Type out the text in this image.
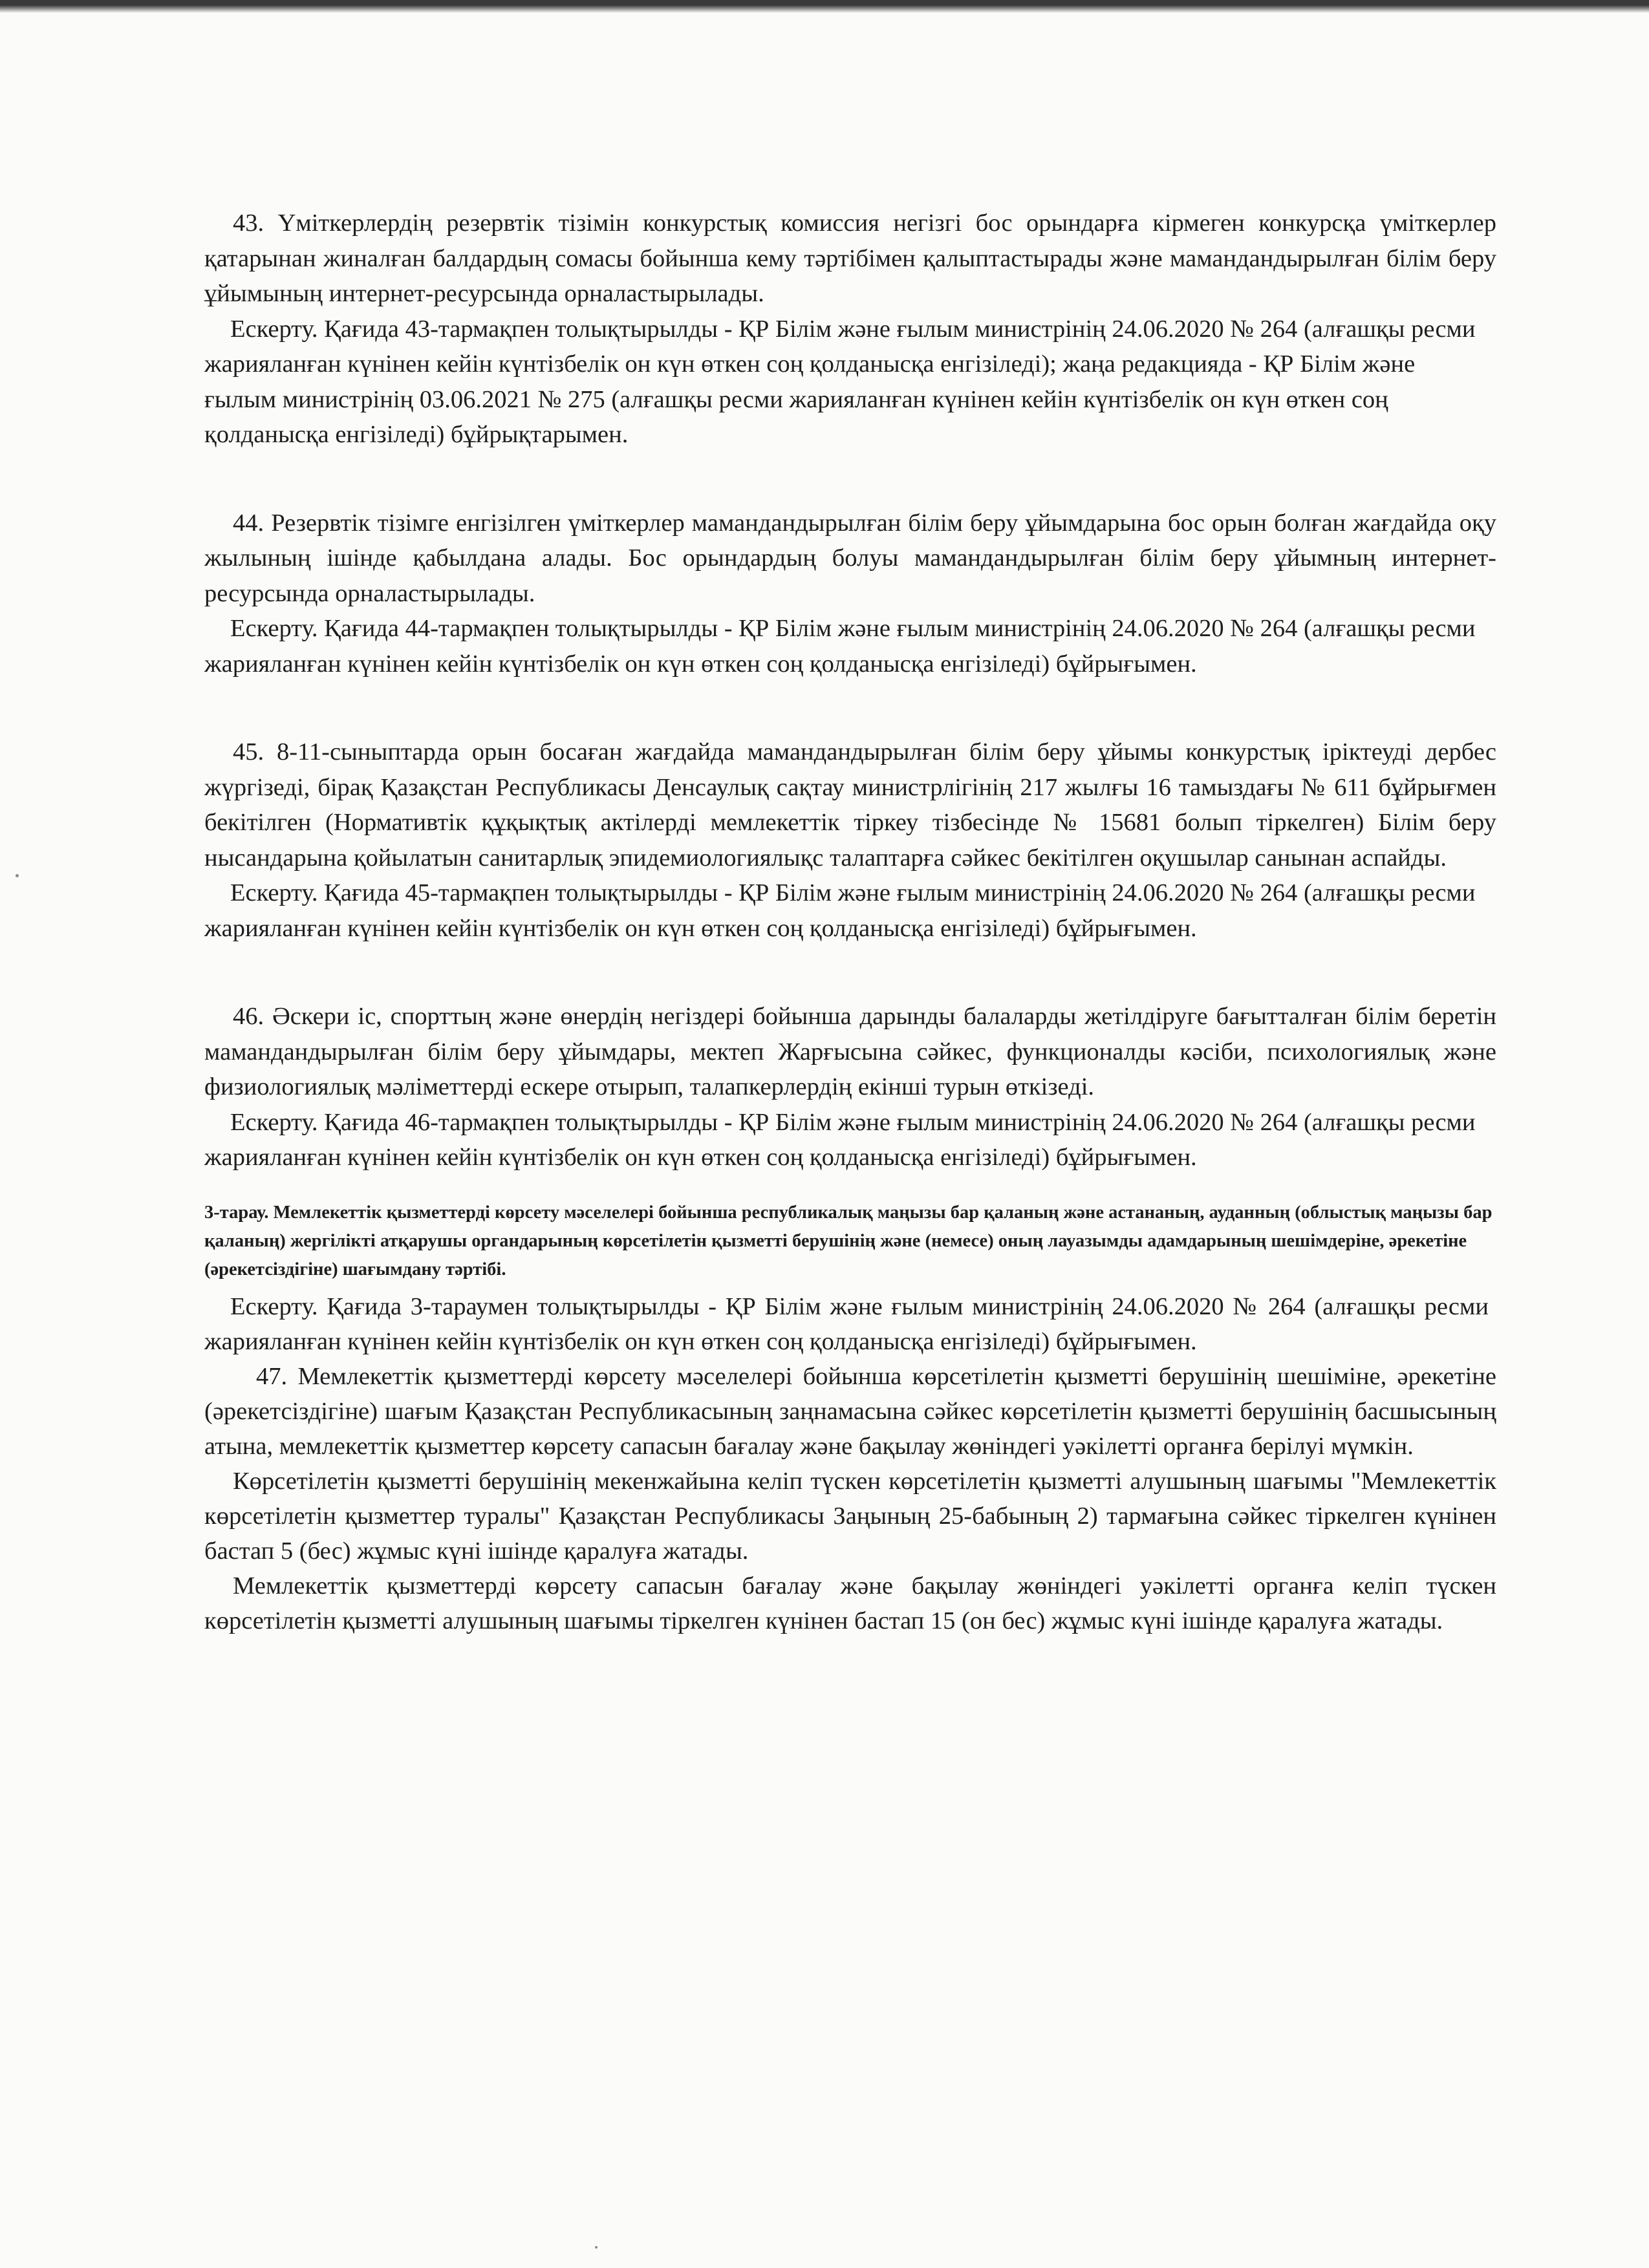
43. Үміткерлердің резервтік тізімін конкурстық комиссия негізгі бос орындарға кірмеген конкурсқа үміткерлер қатарынан жиналған балдардың сомасы бойынша кему тәртібімен қалыптастырады және мамандандырылған білім беру ұйымының интернет-ресурсында орналастырылады.

Ескерту. Қағида 43-тармақпен толықтырылды - ҚР Білім және ғылым министрінің 24.06.2020 № 264 (алғашқы ресми жарияланған күнінен кейін күнтізбелік он күн өткен соң қолданысқа енгізіледі); жаңа редакцияда - ҚР Білім және ғылым министрінің 03.06.2021 № 275 (алғашқы ресми жарияланған күнінен кейін күнтізбелік он күн өткен соң қолданысқа енгізіледі) бұйрықтарымен.

44. Резервтік тізімге енгізілген үміткерлер мамандандырылған білім беру ұйымдарына бос орын болған жағдайда оқу жылының ішінде қабылдана алады. Бос орындардың болуы мамандандырылған білім беру ұйымның интернет-ресурсында орналастырылады.

Ескерту. Қағида 44-тармақпен толықтырылды - ҚР Білім және ғылым министрінің 24.06.2020 № 264 (алғашқы ресми жарияланған күнінен кейін күнтізбелік он күн өткен соң қолданысқа енгізіледі) бұйрығымен.

45. 8-11-сыныптарда орын босаған жағдайда мамандандырылған білім беру ұйымы конкурстық іріктеуді дербес жүргізеді, бірақ Қазақстан Республикасы Денсаулық сақтау министрлігінің 217 жылғы 16 тамыздағы № 611 бұйрығмен бекітілген (Нормативтік құқықтық актілерді мемлекеттік тіркеу тізбесінде № 15681 болып тіркелген) Білім беру нысандарына қойылатын санитарлық эпидемиологиялықс талаптарға сәйкес бекітілген оқушылар санынан аспайды.

Ескерту. Қағида 45-тармақпен толықтырылды - ҚР Білім және ғылым министрінің 24.06.2020 № 264 (алғашқы ресми жарияланған күнінен кейін күнтізбелік он күн өткен соң қолданысқа енгізіледі) бұйрығымен.

46. Әскери іс, спорттың және өнердің негіздері бойынша дарынды балаларды жетілдіруге бағытталған білім беретін мамандандырылған білім беру ұйымдары, мектеп Жарғысына сәйкес, функционалды кәсіби, психологиялық және физиологиялық мәліметтерді ескере отырып, талапкерлердің екінші турын өткізеді.

Ескерту. Қағида 46-тармақпен толықтырылды - ҚР Білім және ғылым министрінің 24.06.2020 № 264 (алғашқы ресми жарияланған күнінен кейін күнтізбелік он күн өткен соң қолданысқа енгізіледі) бұйрығымен.

3-тарау. Мемлекеттік қызметтерді көрсету мәселелері бойынша республикалық маңызы бар қаланың және астананың, ауданның (облыстық маңызы бар қаланың) жергілікті атқарушы органдарының көрсетілетін қызметті берушінің және (немесе) оның лауазымды адамдарының шешімдеріне, әрекетіне (әрекетсіздігіне) шағымдану тәртібі.

Ескерту. Қағида 3-тараумен толықтырылды - ҚР Білім және ғылым министрінің 24.06.2020 № 264 (алғашқы ресми жарияланған күнінен кейін күнтізбелік он күн өткен соң қолданысқа енгізіледі) бұйрығымен.

47. Мемлекеттік қызметтерді көрсету мәселелері бойынша көрсетілетін қызметті берушінің шешіміне, әрекетіне (әрекетсіздігіне) шағым Қазақстан Республикасының заңнамасына сәйкес көрсетілетін қызметті берушінің басшысының атына, мемлекеттік қызметтер көрсету сапасын бағалау және бақылау жөніндегі уәкілетті органға берілуі мүмкін.

Көрсетілетін қызметті берушінің мекенжайына келіп түскен көрсетілетін қызметті алушының шағымы "Мемлекеттік көрсетілетін қызметтер туралы" Қазақстан Республикасы Заңының 25-бабының 2) тармағына сәйкес тіркелген күнінен бастап 5 (бес) жұмыс күні ішінде қаралуға жатады.

Мемлекеттік қызметтерді көрсету сапасын бағалау және бақылау жөніндегі уәкілетті органға келіп түскен көрсетілетін қызметті алушының шағымы тіркелген күнінен бастап 15 (он бес) жұмыс күні ішінде қаралуға жатады.
